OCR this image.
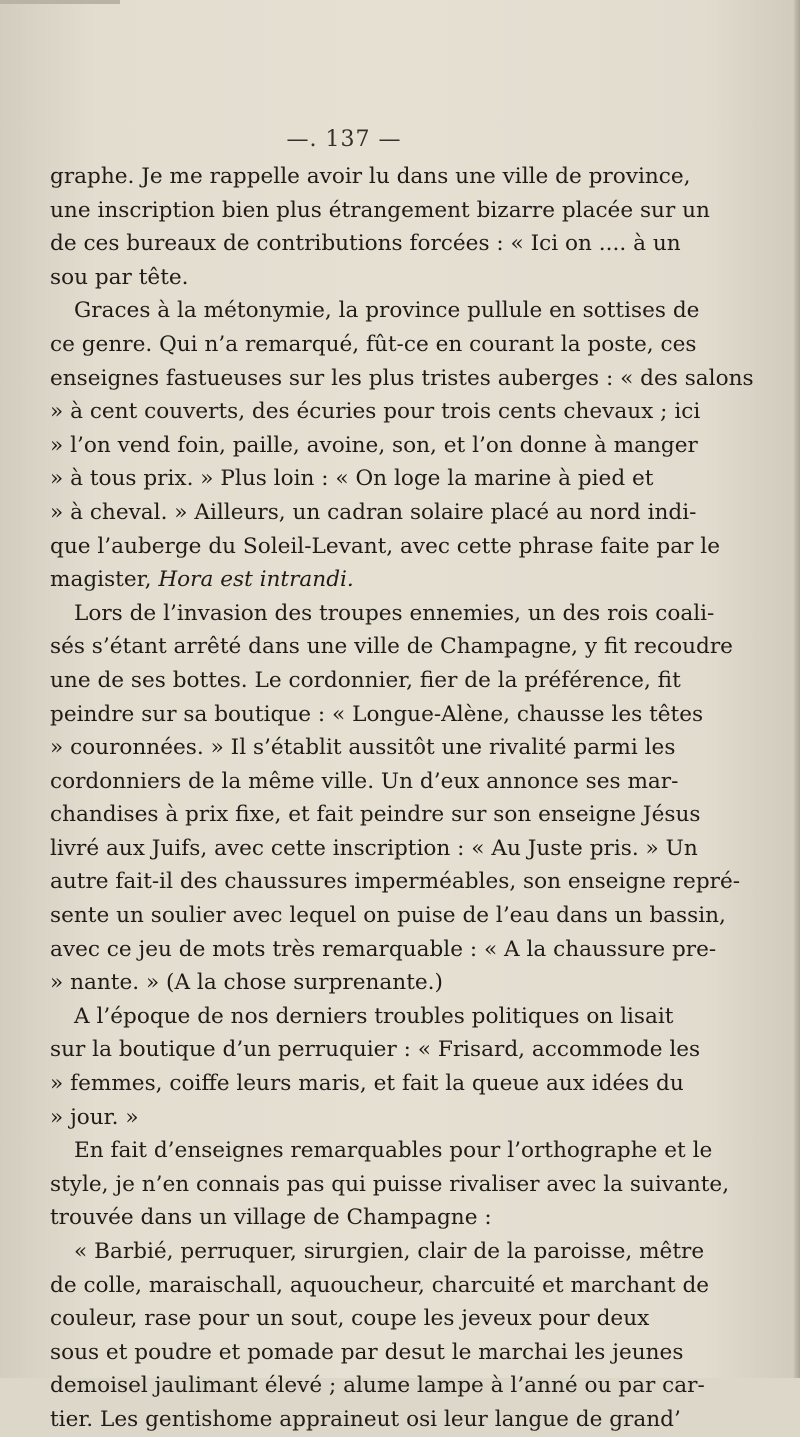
—. 137 —
graphe. Je me rappelle avoir lu dans une ville de province,
une inscription bien plus étrangement bizarre placée sur un
de ces bureaux de contributions forcées : « Ici on .... à un
sou par tête.
Graces à la métonymie, la province pullule en sottises de
ce genre. Qui n’a remarqué, fût-ce en courant la poste, ces
enseignes fastueuses sur les plus tristes auberges : « des salons
» à cent couverts, des écuries pour trois cents chevaux ; ici
» l’on vend foin, paille, avoine, son, et l’on donne à manger
» à tous prix. » Plus loin : « On loge la marine à pied et
» à cheval. » Ailleurs, un cadran solaire placé au nord indi-
que l’auberge du Soleil-Levant, avec cette phrase faite par le
magister, Hora est intrandi.
Lors de l’invasion des troupes ennemies, un des rois coali-
sés s’étant arrêté dans une ville de Champagne, y fit recoudre
une de ses bottes. Le cordonnier, fier de la préférence, fit
peindre sur sa boutique : « Longue-Alène, chausse les têtes
» couronnées. » Il s’établit aussitôt une rivalité parmi les
cordonniers de la même ville. Un d’eux annonce ses mar-
chandises à prix fixe, et fait peindre sur son enseigne Jésus
livré aux Juifs, avec cette inscription : « Au Juste pris. » Un
autre fait-il des chaussures imperméables, son enseigne repré-
sente un soulier avec lequel on puise de l’eau dans un bassin,
avec ce jeu de mots très remarquable : « A la chaussure pre-
» nante. » (A la chose surprenante.)
A l’époque de nos derniers troubles politiques on lisait
sur la boutique d’un perruquier : « Frisard, accommode les
» femmes, coiffe leurs maris, et fait la queue aux idées du
» jour. »
En fait d’enseignes remarquables pour l’orthographe et le
style, je n’en connais pas qui puisse rivaliser avec la suivante,
trouvée dans un village de Champagne :
« Barbié, perruquer, sirurgien, clair de la paroisse, mêtre
de colle, maraischall, aquoucheur, charcuité et marchant de
couleur, rase pour un sout, coupe les jeveux pour deux
sous et poudre et pomade par desut le marchai les jeunes
demoisel jaulimant élevé ; alume lampe à l’anné ou par car-
tier. Les gentishome appraineut osi leur langue de grand’
